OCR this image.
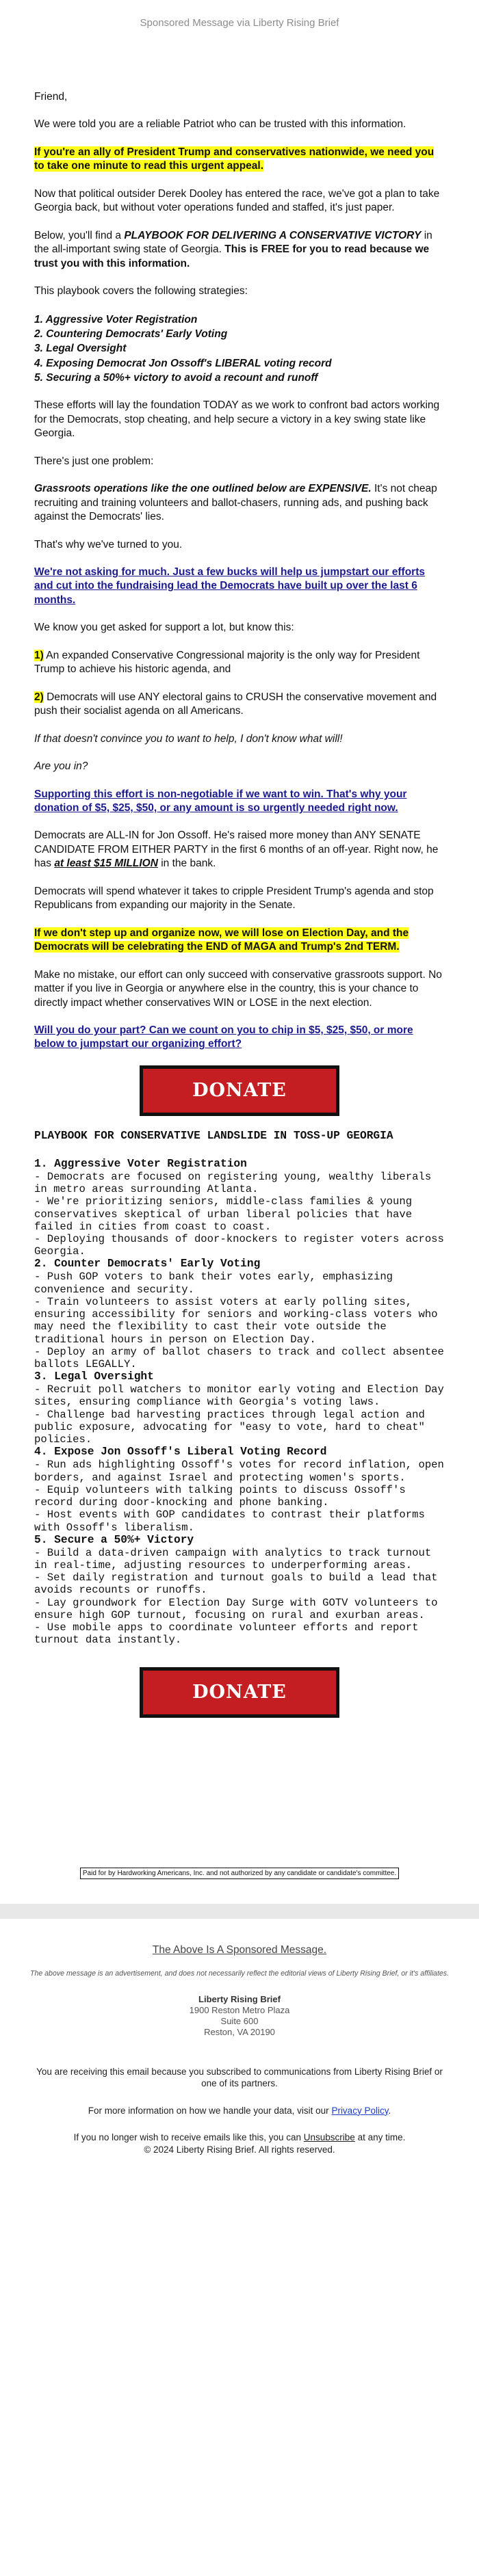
Sponsored Message via Liberty Rising Brief

Friend,

We were told you are a reliable Patriot who can be trusted with this information.

If you're an ally of President Trump and conservatives nationwide, we need you to take one minute to read this urgent appeal.

Now that political outsider Derek Dooley has entered the race, we've got a plan to take Georgia back, but without voter operations funded and staffed, it's just paper.

Below, you'll find a PLAYBOOK FOR DELIVERING A CONSERVATIVE VICTORY in the all-important swing state of Georgia. This is FREE for you to read because we trust you with this information.

This playbook covers the following strategies:

1. Aggressive Voter Registration
2. Countering Democrats' Early Voting
3. Legal Oversight
4. Exposing Democrat Jon Ossoff's LIBERAL voting record
5. Securing a 50%+ victory to avoid a recount and runoff

These efforts will lay the foundation TODAY as we work to confront bad actors working for the Democrats, stop cheating, and help secure a victory in a key swing state like Georgia.

There's just one problem:

Grassroots operations like the one outlined below are EXPENSIVE. It's not cheap recruiting and training volunteers and ballot-chasers, running ads, and pushing back against the Democrats' lies.

That's why we've turned to you.

We're not asking for much. Just a few bucks will help us jumpstart our efforts and cut into the fundraising lead the Democrats have built up over the last 6 months.

We know you get asked for support a lot, but know this:

1) An expanded Conservative Congressional majority is the only way for President Trump to achieve his historic agenda, and

2) Democrats will use ANY electoral gains to CRUSH the conservative movement and push their socialist agenda on all Americans.

If that doesn't convince you to want to help, I don't know what will!

Are you in?

Supporting this effort is non-negotiable if we want to win. That's why your donation of $5, $25, $50, or any amount is so urgently needed right now.

Democrats are ALL-IN for Jon Ossoff. He's raised more money than ANY SENATE CANDIDATE FROM EITHER PARTY in the first 6 months of an off-year. Right now, he has at least $15 MILLION in the bank.

Democrats will spend whatever it takes to cripple President Trump's agenda and stop Republicans from expanding our majority in the Senate.

If we don't step up and organize now, we will lose on Election Day, and the Democrats will be celebrating the END of MAGA and Trump's 2nd TERM.

Make no mistake, our effort can only succeed with conservative grassroots support. No matter if you live in Georgia or anywhere else in the country, this is your chance to directly impact whether conservatives WIN or LOSE in the next election.

Will you do your part? Can we count on you to chip in $5, $25, $50, or more below to jumpstart our organizing effort?

DONATE
PLAYBOOK FOR CONSERVATIVE LANDSLIDE IN TOSS-UP GEORGIA
1. Aggressive Voter Registration
- Democrats are focused on registering young, wealthy liberals in metro areas surrounding Atlanta.
- We're prioritizing seniors, middle-class families & young conservatives skeptical of urban liberal policies that have failed in cities from coast to coast.
- Deploying thousands of door-knockers to register voters across Georgia.
2. Counter Democrats' Early Voting
- Push GOP voters to bank their votes early, emphasizing convenience and security.
- Train volunteers to assist voters at early polling sites, ensuring accessibility for seniors and working-class voters who may need the flexibility to cast their vote outside the traditional hours in person on Election Day.
- Deploy an army of ballot chasers to track and collect absentee ballots LEGALLY.
3. Legal Oversight
- Recruit poll watchers to monitor early voting and Election Day sites, ensuring compliance with Georgia's voting laws.
- Challenge bad harvesting practices through legal action and public exposure, advocating for "easy to vote, hard to cheat" policies.
4. Expose Jon Ossoff's Liberal Voting Record
- Run ads highlighting Ossoff's votes for record inflation, open borders, and against Israel and protecting women's sports.
- Equip volunteers with talking points to discuss Ossoff's record during door-knocking and phone banking.
- Host events with GOP candidates to contrast their platforms with Ossoff's liberalism.
5. Secure a 50%+ Victory
- Build a data-driven campaign with analytics to track turnout in real-time, adjusting resources to underperforming areas.
- Set daily registration and turnout goals to build a lead that avoids recounts or runoffs.
- Lay groundwork for Election Day Surge with GOTV volunteers to ensure high GOP turnout, focusing on rural and exurban areas.
- Use mobile apps to coordinate volunteer efforts and report turnout data instantly.
DONATE
Paid for by Hardworking Americans, Inc. and not authorized by any candidate or candidate's committee.
The Above Is A Sponsored Message.
The above message is an advertisement, and does not necessarily reflect the editorial views of Liberty Rising Brief, or it's affiliates.
Liberty Rising Brief
1900 Reston Metro Plaza
Suite 600
Reston, VA 20190
You are receiving this email because you subscribed to communications from Liberty Rising Brief or one of its partners.
For more information on how we handle your data, visit our Privacy Policy.
If you no longer wish to receive emails like this, you can Unsubscribe at any time.
© 2024 Liberty Rising Brief. All rights reserved.
